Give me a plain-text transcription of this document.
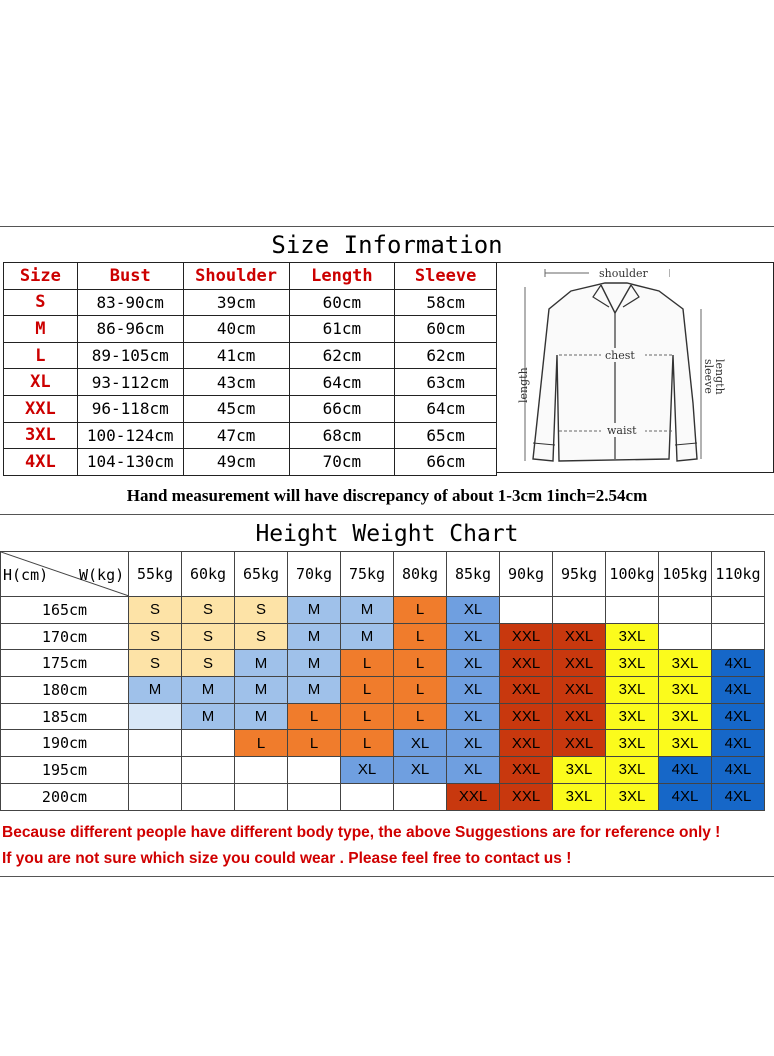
Size Information
Size	Bust	Shoulder	Length	Sleeve
S	83-90cm	39cm	60cm	58cm
M	86-96cm	40cm	61cm	60cm
L	89-105cm	41cm	62cm	62cm
XL	93-112cm	43cm	64cm	63cm
XXL	96-118cm	45cm	66cm	64cm
3XL	100-124cm	47cm	68cm	65cm
4XL	104-130cm	49cm	70cm	66cm
shoulder
chest
waist
length	sleeve
length
Hand measurement will have discrepancy of about 1-3cm 1inch=2.54cm
Height Weight Chart
H(cm) W(kg)	55kg	60kg	65kg	70kg	75kg	80kg	85kg	90kg	95kg	100kg	105kg	110kg
165cm	S	S	S	M	M	L	XL					
170cm	S	S	S	M	M	L	XL	XXL	XXL	3XL		
175cm	S	S	M	M	L	L	XL	XXL	XXL	3XL	3XL	4XL
180cm	M	M	M	M	L	L	XL	XXL	XXL	3XL	3XL	4XL
185cm		M	M	L	L	L	XL	XXL	XXL	3XL	3XL	4XL
190cm			L	L	L	XL	XL	XXL	XXL	3XL	3XL	4XL
195cm					XL	XL	XL	XXL	3XL	3XL	4XL	4XL
200cm							XXL	XXL	3XL	3XL	4XL	4XL
Because different people have different body type, the above Suggestions are for reference only !
If you are not sure which size you could wear . Please feel free to contact us !
